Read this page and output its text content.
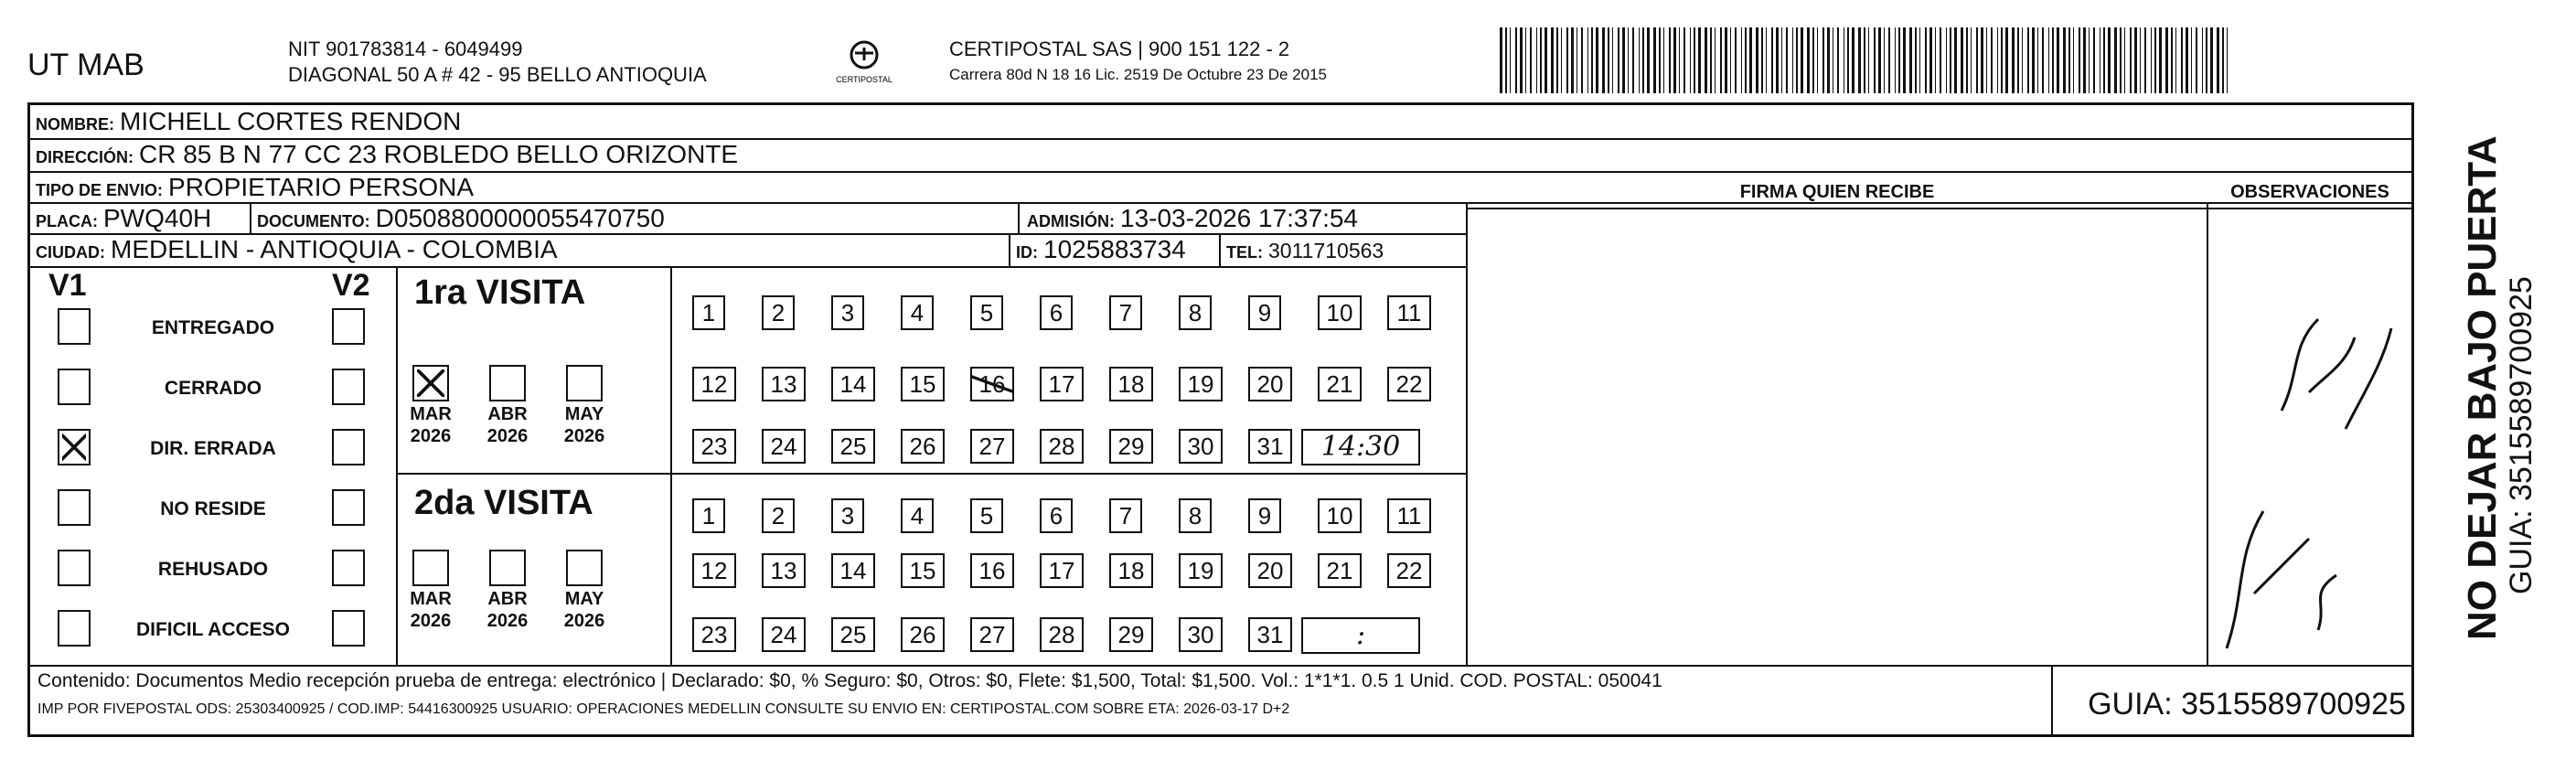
UT MAB	NIT 901783814 - 6049499
DIAGONAL 50 A # 42 - 95 BELLO ANTIOQUIA	CERTIPOSTAL
CERTIPOSTAL SAS | 900 151 122 - 2
Carrera 80d N 18 16 Lic. 2519 De Octubre 23 De 2015
NOMBRE: MICHELL CORTES RENDON
DIRECCIÓN: CR 85 B N 77 CC 23 ROBLEDO BELLO ORIZONTE
TIPO DE ENVIO: PROPIETARIO PERSONA
PLACA: PWQ40H	DOCUMENTO: D0508800000055470750	ADMISIÓN: 13-03-2026 17:37:54
CIUDAD: MEDELLIN - ANTIOQUIA - COLOMBIA	ID: 1025883734 TEL: 3011710563
FIRMA QUIEN RECIBE	OBSERVACIONES
V1	V2
ENTREGADO
CERRADO
DIR. ERRADA
NO RESIDE
REHUSADO
DIFICIL ACCESO
1ra VISITA
MAR
2026
ABR
2026
MAY
2026
1	2	3	4	5	6	7	8	9	10	11
12	13	14	15	16	17	18	19	20	21	22
23	24	25	26	27	28	29	30	31	14:30
2da VISITA
MAR
2026
ABR
2026
MAY
2026
1	2	3	4	5	6	7	8	9	10	11
12	13	14	15	16	17	18	19	20	21	22
23	24	25	26	27	28	29	30	31	:
Contenido: Documentos Medio recepción prueba de entrega: electrónico | Declarado: $0, % Seguro: $0, Otros: $0, Flete: $1,500, Total: $1,500. Vol.: 1*1*1. 0.5 1 Unid. COD. POSTAL: 050041
IMP POR FIVEPOSTAL ODS: 25303400925 / COD.IMP: 54416300925 USUARIO: OPERACIONES MEDELLIN CONSULTE SU ENVIO EN: CERTIPOSTAL.COM SOBRE ETA: 2026-03-17 D+2	GUIA: 3515589700925
NO DEJAR BAJO PUERTA GUIA: 3515589700925
